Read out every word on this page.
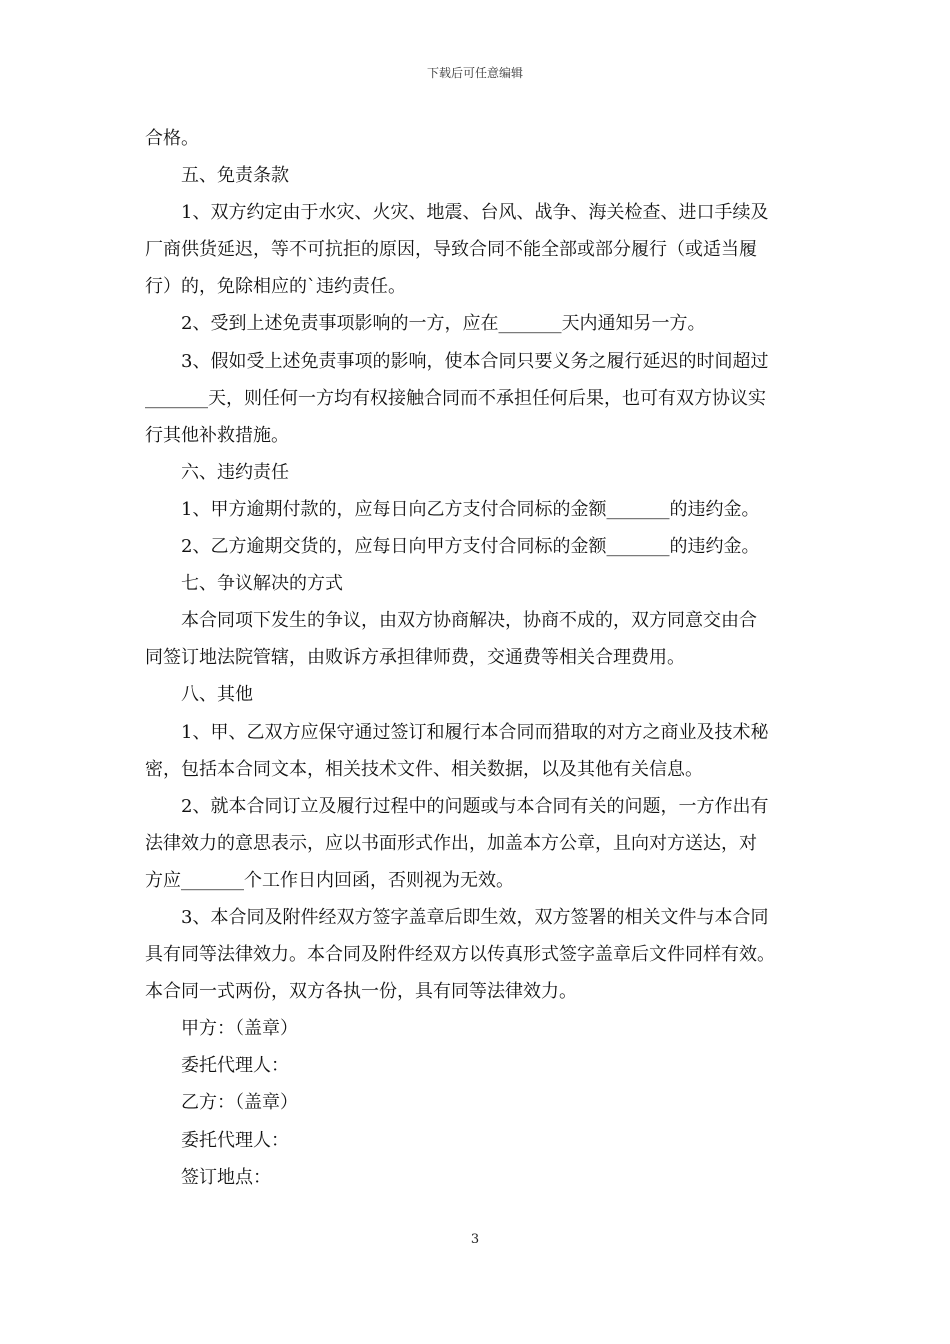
下载后可任意编辑
合格。
五、免责条款
1、双方约定由于水灾、火灾、地震、台风、战争、海关检查、进口手续及
厂商供货延迟，等不可抗拒的原因，导致合同不能全部或部分履行（或适当履
行）的，免除相应的`违约责任。
2、受到上述免责事项影响的一方，应在_______天内通知另一方。
3、假如受上述免责事项的影响，使本合同只要义务之履行延迟的时间超过
_______天，则任何一方均有权接触合同而不承担任何后果，也可有双方协议实
行其他补救措施。
六、违约责任
1、甲方逾期付款的，应每日向乙方支付合同标的金额_______的违约金。
2、乙方逾期交货的，应每日向甲方支付合同标的金额_______的违约金。
七、争议解决的方式
本合同项下发生的争议，由双方协商解决，协商不成的，双方同意交由合
同签订地法院管辖，由败诉方承担律师费，交通费等相关合理费用。
八、其他
1、甲、乙双方应保守通过签订和履行本合同而猎取的对方之商业及技术秘
密，包括本合同文本，相关技术文件、相关数据，以及其他有关信息。
2、就本合同订立及履行过程中的问题或与本合同有关的问题，一方作出有
法律效力的意思表示，应以书面形式作出，加盖本方公章，且向对方送达，对
方应_______个工作日内回函，否则视为无效。
3、本合同及附件经双方签字盖章后即生效，双方签署的相关文件与本合同
具有同等法律效力。本合同及附件经双方以传真形式签字盖章后文件同样有效。
本合同一式两份，双方各执一份，具有同等法律效力。
甲方：（盖章）
委托代理人：
乙方：（盖章）
委托代理人：
签订地点：
3
